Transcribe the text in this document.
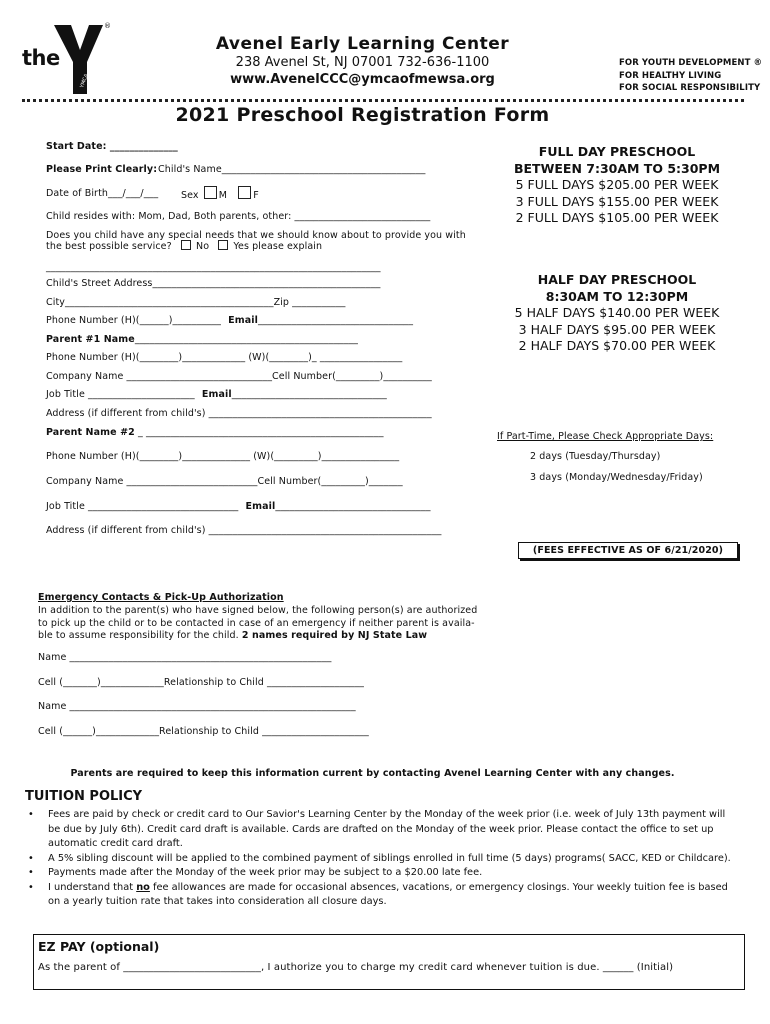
the
YMCA
®
Avenel Early Learning Center
238 Avenel St, NJ 07001 732-636-1100
www.AvenelCCC@ymcaofmewsa.org
FOR YOUTH DEVELOPMENT ®
FOR HEALTHY LIVING
FOR SOCIAL RESPONSIBILITY
2021 Preschool Registration Form
Start Date: ______________
Please Print Clearly: Child's Name__________________________________________
Date of Birth___/___/___ Sex M	F
Child resides with: Mom, Dad, Both parents, other: ____________________________
Does you child have any special needs that we should know about to provide you with
the best possible service?	No	Yes please explain
_____________________________________________________________________
Child's Street Address_______________________________________________
City___________________________________________Zip ___________
Phone Number (H)(______)__________ Email________________________________
Parent #1 Name______________________________________________
Phone Number (H)(________)_____________ (W)(________)_ _________________
Company Name ______________________________Cell Number(_________)__________
Job Title ______________________ Email________________________________
Address (if different from child's) ______________________________________________
Parent Name #2 _ _________________________________________________
Phone Number (H)(________)______________ (W)(_________)________________
Company Name ___________________________Cell Number(_________)_______
Job Title _______________________________ Email________________________________
Address (if different from child's) ________________________________________________
FULL DAY PRESCHOOL
BETWEEN 7:30AM TO 5:30PM
5 FULL DAYS $205.00 PER WEEK
3 FULL DAYS $155.00 PER WEEK
2 FULL DAYS $105.00 PER WEEK
HALF DAY PRESCHOOL
8:30AM TO 12:30PM
5 HALF DAYS $140.00 PER WEEK
3 HALF DAYS $95.00 PER WEEK
2 HALF DAYS $70.00 PER WEEK
If Part-Time, Please Check Appropriate Days:
2 days (Tuesday/Thursday)
3 days (Monday/Wednesday/Friday)
(FEES EFFECTIVE AS OF 6/21/2020)
Emergency Contacts & Pick-Up Authorization
In addition to the parent(s) who have signed below, the following person(s) are authorized
to pick up the child or to be contacted in case of an emergency if neither parent is availa-
ble to assume responsibility for the child. 2 names required by NJ State Law
Name ______________________________________________________
Cell (_______)_____________Relationship to Child ____________________
Name ___________________________________________________________
Cell (______)_____________Relationship to Child ______________________
Parents are required to keep this information current by contacting Avenel Learning Center with any changes.
TUITION POLICY
• Fees are paid by check or credit card to Our Savior's Learning Center by the Monday of the week prior (i.e. week of July 13th payment will be due by July 6th). Credit card draft is available. Cards are drafted on the Monday of the week prior. Please contact the office to set up automatic credit card draft.
• A 5% sibling discount will be applied to the combined payment of siblings enrolled in full time (5 days) programs( SACC, KED or Childcare).
• Payments made after the Monday of the week prior may be subject to a $20.00 late fee.
• I understand that no fee allowances are made for occasional absences, vacations, or emergency closings. Your weekly tuition fee is based on a yearly tuition rate that takes into consideration all closure days.
EZ PAY (optional)
As the parent of ___________________________, I authorize you to charge my credit card whenever tuition is due. ______ (Initial)
